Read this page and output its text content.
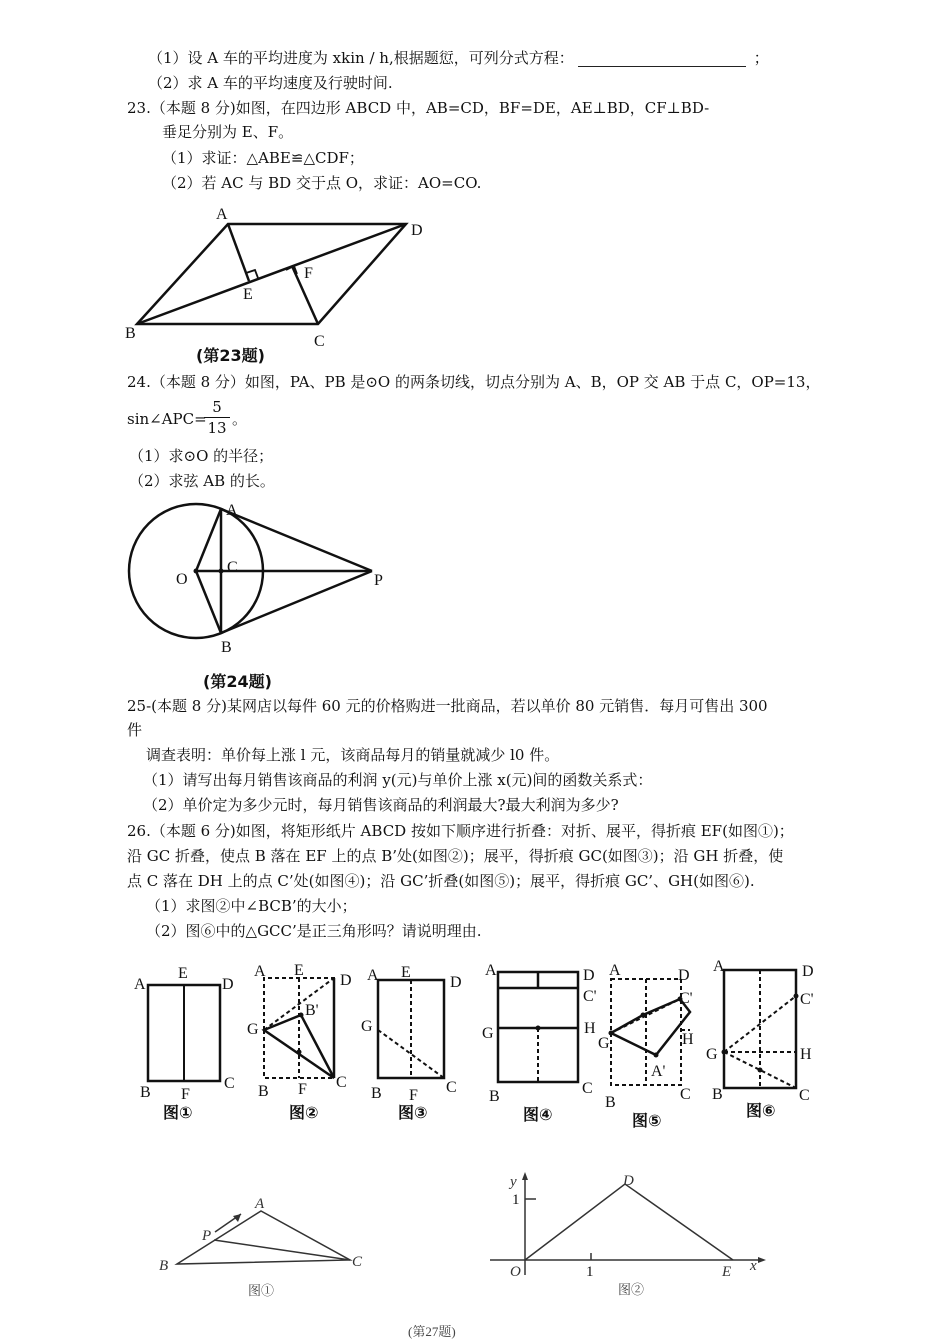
（1）设 A 车的平均进度为 xkin / h,根据题愆，可列分式方程：	；
（2）求 A 车的平均速度及行驶时间.
23.（本题 8 分)如图，在四边形 ABCD 中，AB=CD，BF=DE，AE⊥BD，CF⊥BD-
垂足分别为 E、F。
（1）求证：△ABE≌△CDF；
（2）若 AC 与 BD 交于点 O，求证：AO=CO.
(第23题)
24.（本题 8 分）如图，PA、PB 是⊙O 的两条切线，切点分别为 A、B，OP 交 AB 于点 C，OP=13，
sin∠APC=
$\frac{5}{13}$ 。
（1）求⊙O 的半径；
（2）求弦 AB 的长。
(第24题)
25-(本题 8 分)某网店以每件 60 元的价格购进一批商品，若以单价 80 元销售．每月可售出 300
件
调查表明：单价每上涨 l 元，该商品每月的销量就减少 l0 件。
（1）请写出每月销售该商品的利润 y(元)与单价上涨 x(元)间的函数关系式：
（2）单价定为多少元时，每月销售该商品的利润最大?最大利润为多少?
26.（本题 6 分)如图，将矩形纸片 ABCD 按如下顺序进行折叠：对折、展平，得折痕 EF(如图①)；
沿 GC 折叠，使点 B 落在 EF 上的点 B’处(如图②)；展平，得折痕 GC(如图③)；沿 GH 折叠，使
点 C 落在 DH 上的点 C’处(如图④)；沿 GC’折叠(如图⑤)；展平，得折痕 GC’、GH(如图⑥).
（1）求图②中∠BCB’的大小；
（2）图⑥中的△GCC’是正三角形吗？请说明理由.
A
D
E
F
B	C
A
O
C
P
B
A
E
D
B F
C
图①
A E
D
B'
G
B F C
图②
A E
D
G
B F C
图③
A	D
C'
G	H
B	C
图④
A	D
C'
G	H
A'
B	C
图⑤
A	D
C'
G	H
B	C
图⑥
A
P
B	C
图①
y
1
D
O	1	E x
图②
(第27题)
